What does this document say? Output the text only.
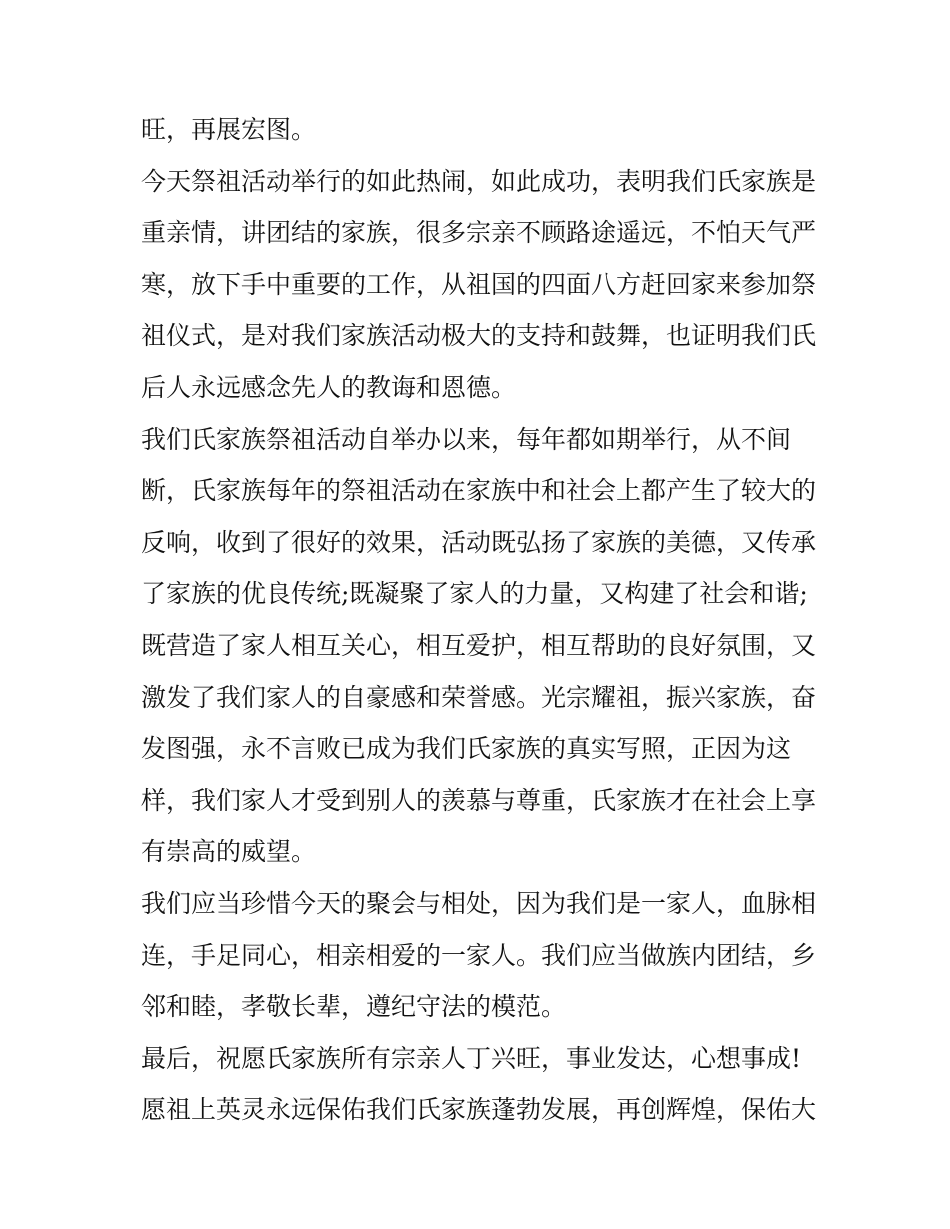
旺，再展宏图。
今天祭祖活动举行的如此热闹，如此成功，表明我们氏家族是
重亲情，讲团结的家族，很多宗亲不顾路途遥远，不怕天气严
寒，放下手中重要的工作，从祖国的四面八方赶回家来参加祭
祖仪式，是对我们家族活动极大的支持和鼓舞，也证明我们氏
后人永远感念先人的教诲和恩德。
我们氏家族祭祖活动自举办以来，每年都如期举行，从不间
断，氏家族每年的祭祖活动在家族中和社会上都产生了较大的
反响，收到了很好的效果，活动既弘扬了家族的美德，又传承
了家族的优良传统;既凝聚了家人的力量，又构建了社会和谐;
既营造了家人相互关心，相互爱护，相互帮助的良好氛围，又
激发了我们家人的自豪感和荣誉感。光宗耀祖，振兴家族，奋
发图强，永不言败已成为我们氏家族的真实写照，正因为这
样，我们家人才受到别人的羡慕与尊重，氏家族才在社会上享
有崇高的威望。
我们应当珍惜今天的聚会与相处，因为我们是一家人，血脉相
连，手足同心，相亲相爱的一家人。我们应当做族内团结，乡
邻和睦，孝敬长辈，遵纪守法的模范。
最后，祝愿氏家族所有宗亲人丁兴旺，事业发达，心想事成!
愿祖上英灵永远保佑我们氏家族蓬勃发展，再创辉煌，保佑大
